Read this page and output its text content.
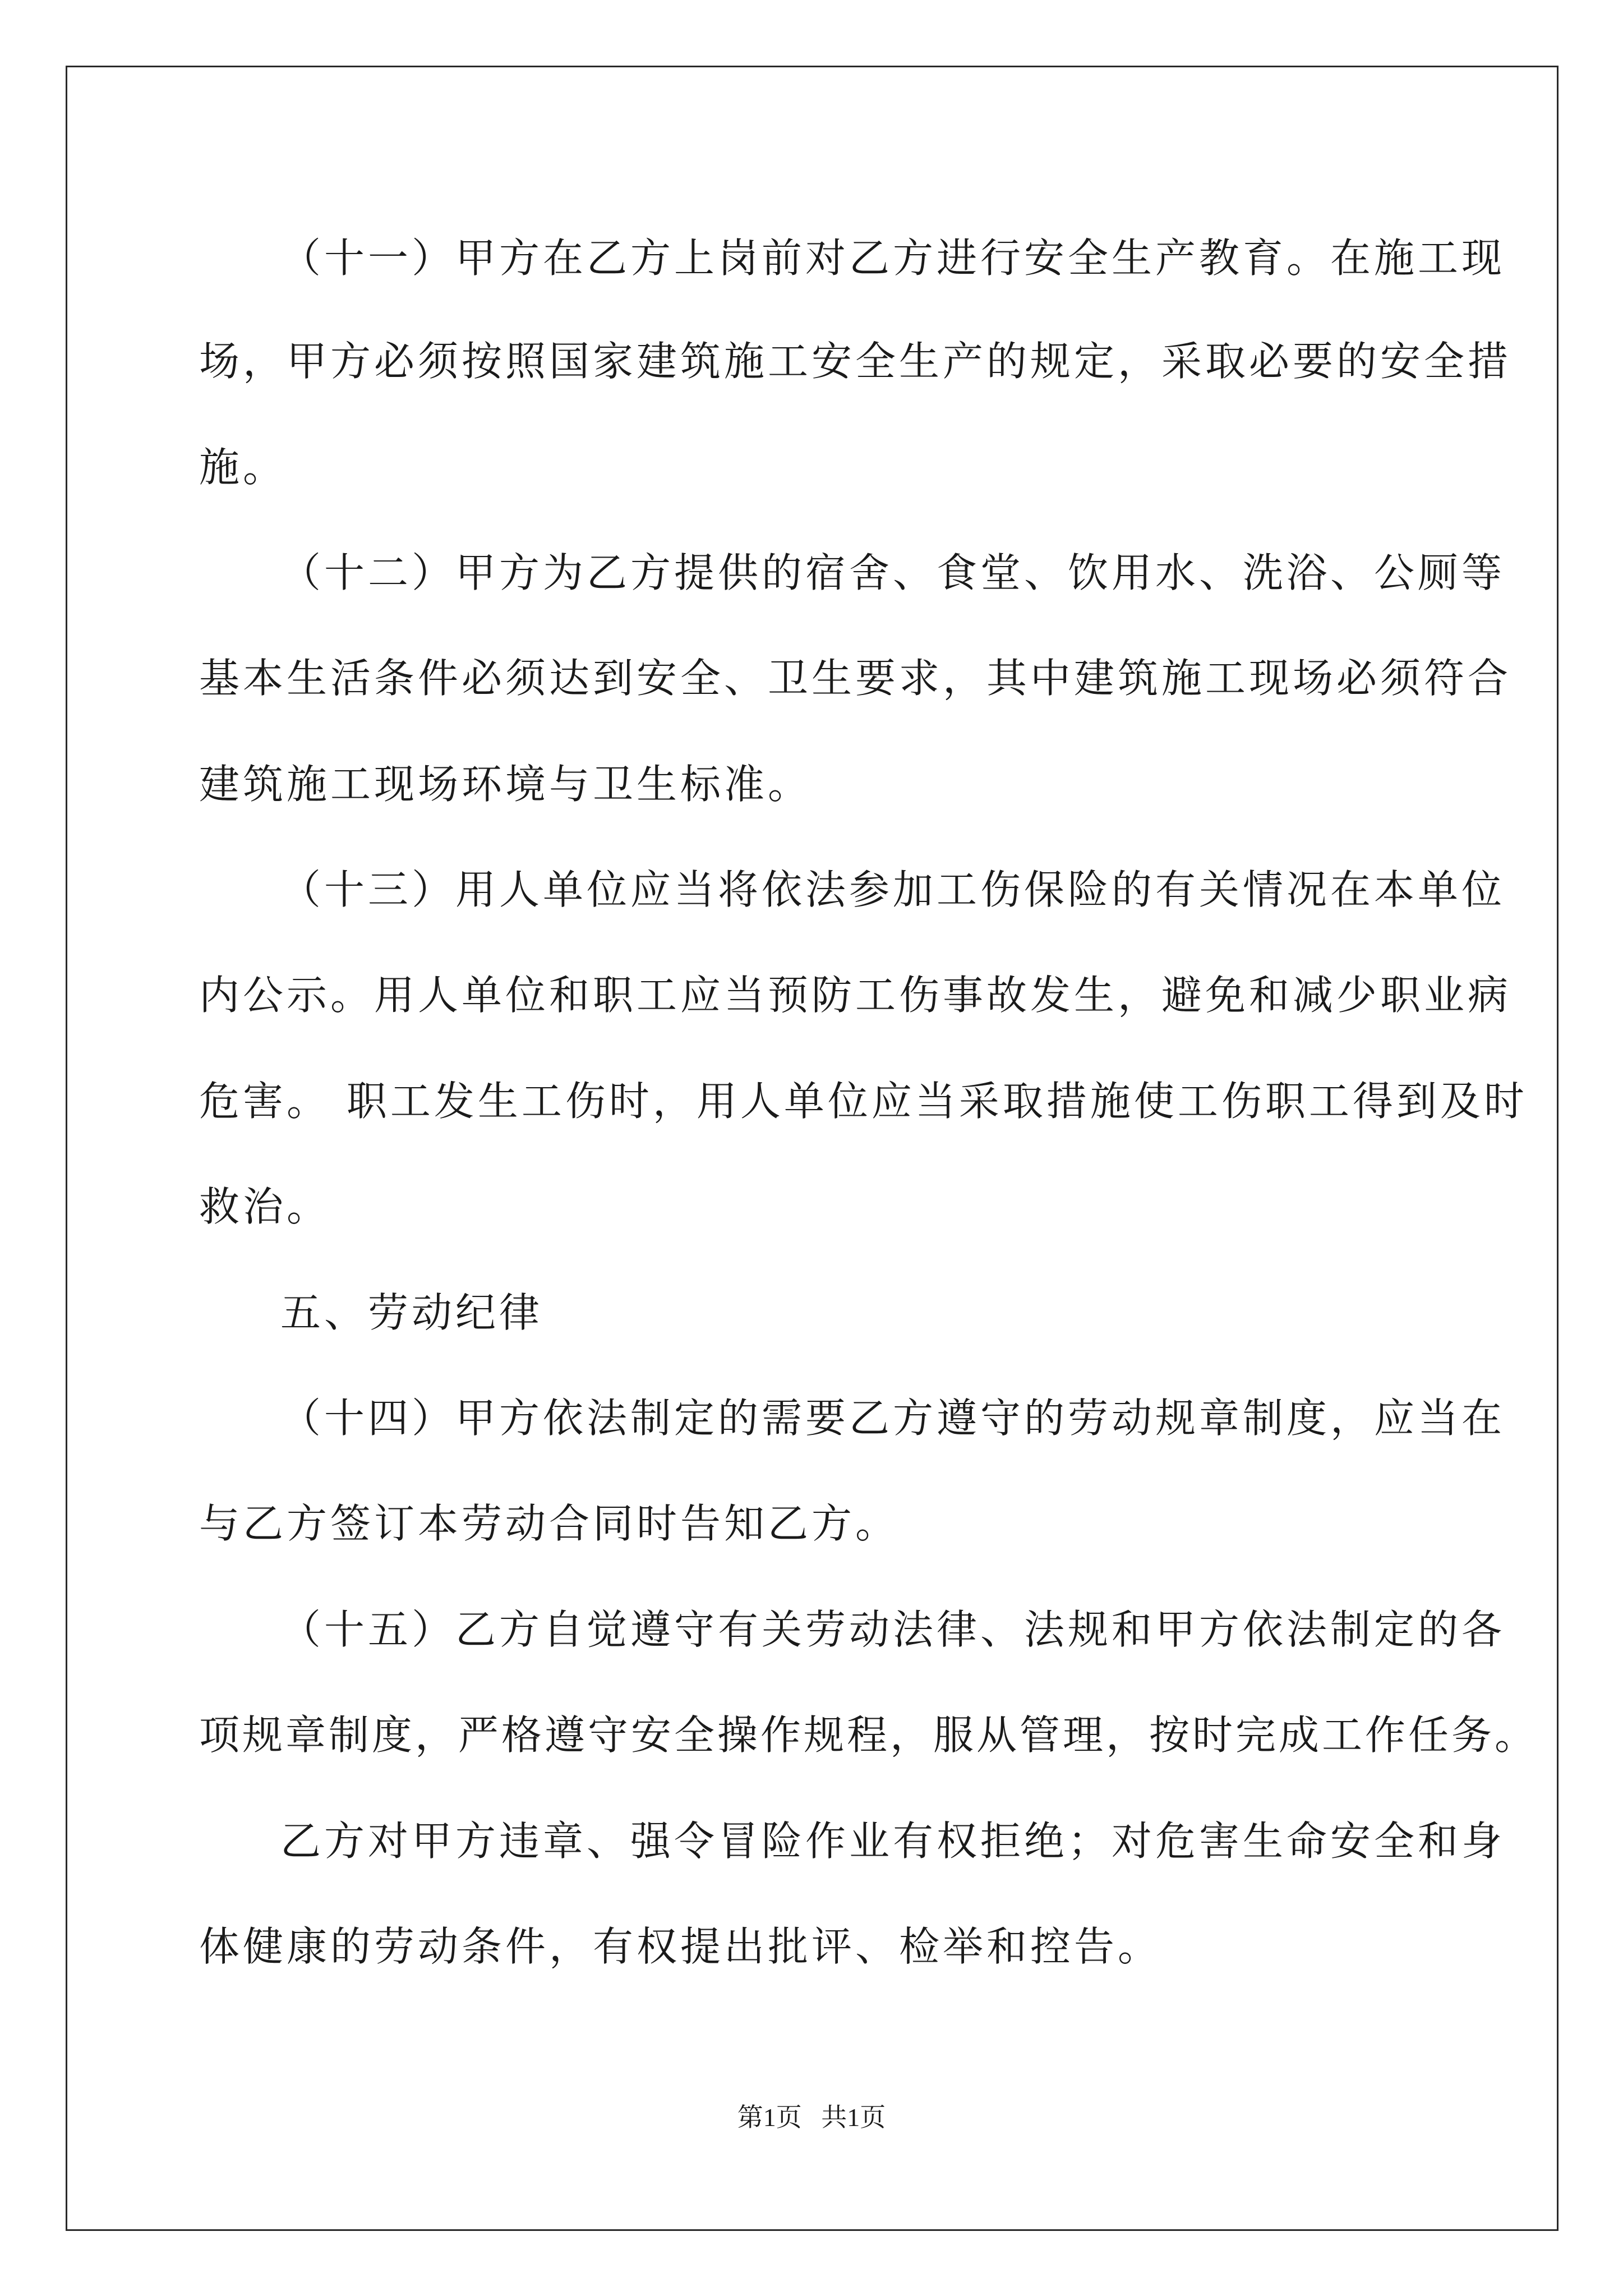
（十一）甲方在乙方上岗前对乙方进行安全生产教育。在施工现
场，甲方必须按照国家建筑施工安全生产的规定，采取必要的安全措
施。
（十二）甲方为乙方提供的宿舍、食堂、饮用水、洗浴、公厕等
基本生活条件必须达到安全、卫生要求，其中建筑施工现场必须符合
建筑施工现场环境与卫生标准。
（十三）用人单位应当将依法参加工伤保险的有关情况在本单位
内公示。用人单位和职工应当预防工伤事故发生，避免和减少职业病
危害。 职工发生工伤时，用人单位应当采取措施使工伤职工得到及时
救治。
五、劳动纪律
（十四）甲方依法制定的需要乙方遵守的劳动规章制度，应当在
与乙方签订本劳动合同时告知乙方。
（十五）乙方自觉遵守有关劳动法律、法规和甲方依法制定的各
项规章制度，严格遵守安全操作规程，服从管理，按时完成工作任务。
乙方对甲方违章、强令冒险作业有权拒绝；对危害生命安全和身
体健康的劳动条件，有权提出批评、检举和控告。
第1页   共1页
